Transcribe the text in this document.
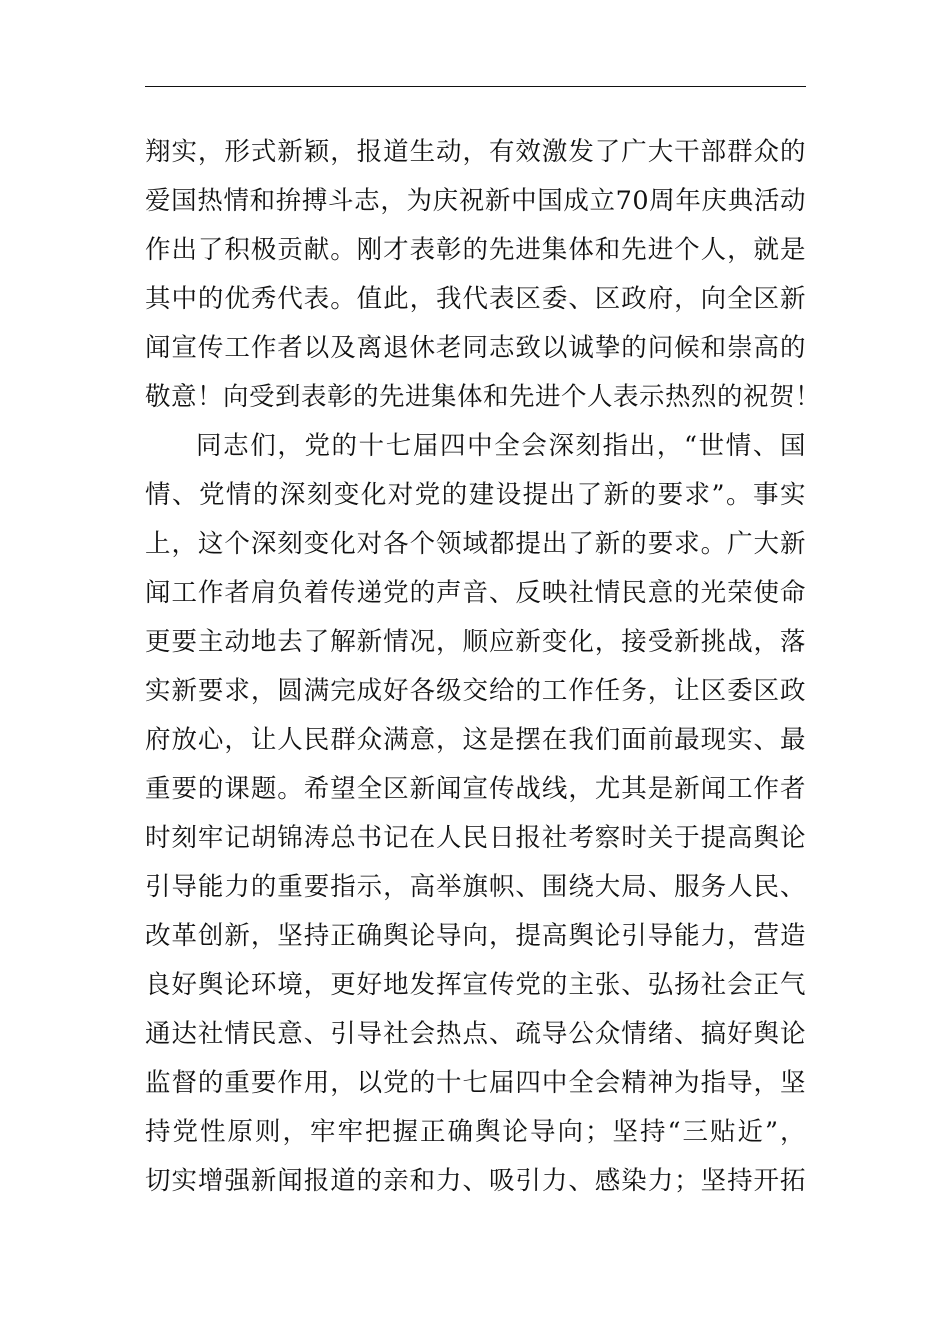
翔实，形式新颖，报道生动，有效激发了广大干部群众的
爱国热情和拚搏斗志，为庆祝新中国成立70周年庆典活动
作出了积极贡献。刚才表彰的先进集体和先进个人，就是
其中的优秀代表。值此，我代表区委、区政府，向全区新
闻宣传工作者以及离退休老同志致以诚挚的问候和崇高的
敬意！向受到表彰的先进集体和先进个人表示热烈的祝贺！
同志们，党的十七届四中全会深刻指出，“世情、国
情、党情的深刻变化对党的建设提出了新的要求”。事实
上，这个深刻变化对各个领域都提出了新的要求。广大新
闻工作者肩负着传递党的声音、反映社情民意的光荣使命
更要主动地去了解新情况，顺应新变化，接受新挑战，落
实新要求，圆满完成好各级交给的工作任务，让区委区政
府放心，让人民群众满意，这是摆在我们面前最现实、最
重要的课题。希望全区新闻宣传战线，尤其是新闻工作者
时刻牢记胡锦涛总书记在人民日报社考察时关于提高舆论
引导能力的重要指示，高举旗帜、围绕大局、服务人民、
改革创新，坚持正确舆论导向，提高舆论引导能力，营造
良好舆论环境，更好地发挥宣传党的主张、弘扬社会正气
通达社情民意、引导社会热点、疏导公众情绪、搞好舆论
监督的重要作用，以党的十七届四中全会精神为指导，坚
持党性原则，牢牢把握正确舆论导向；坚持“三贴近”，
切实增强新闻报道的亲和力、吸引力、感染力；坚持开拓
